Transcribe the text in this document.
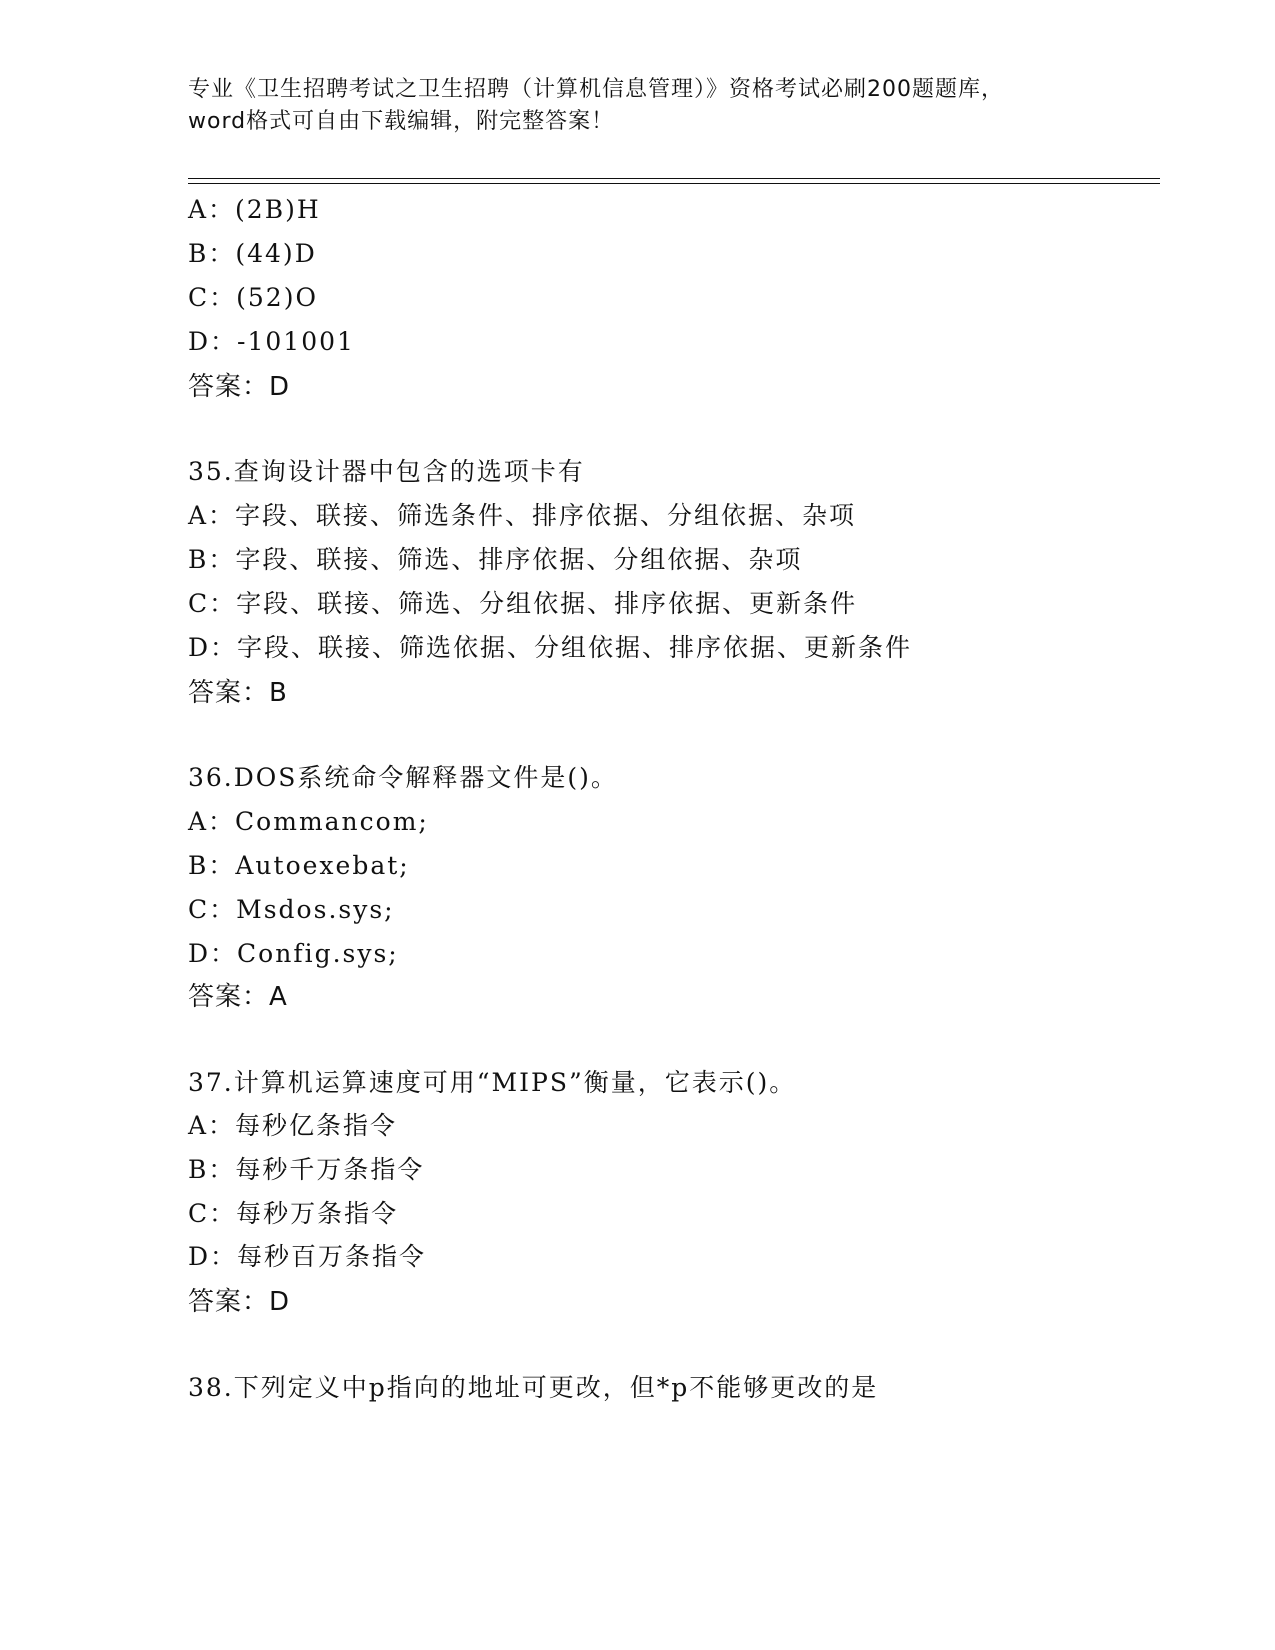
专业《卫生招聘考试之卫生招聘（计算机信息管理）》资格考试必刷200题题库，
word格式可自由下载编辑，附完整答案！
A：(2B)H
B：(44)D
C：(52)O
D：-101001
答案：D
35.查询设计器中包含的选项卡有
A：字段、联接、筛选条件、排序依据、分组依据、杂项
B：字段、联接、筛选、排序依据、分组依据、杂项
C：字段、联接、筛选、分组依据、排序依据、更新条件
D：字段、联接、筛选依据、分组依据、排序依据、更新条件
答案：B
36.DOS系统命令解释器文件是()。
A：Commancom;
B：Autoexebat;
C：Msdos.sys;
D：Config.sys;
答案：A
37.计算机运算速度可用“MIPS”衡量，它表示()。
A：每秒亿条指令
B：每秒千万条指令
C：每秒万条指令
D：每秒百万条指令
答案：D
38.下列定义中p指向的地址可更改，但*p不能够更改的是
